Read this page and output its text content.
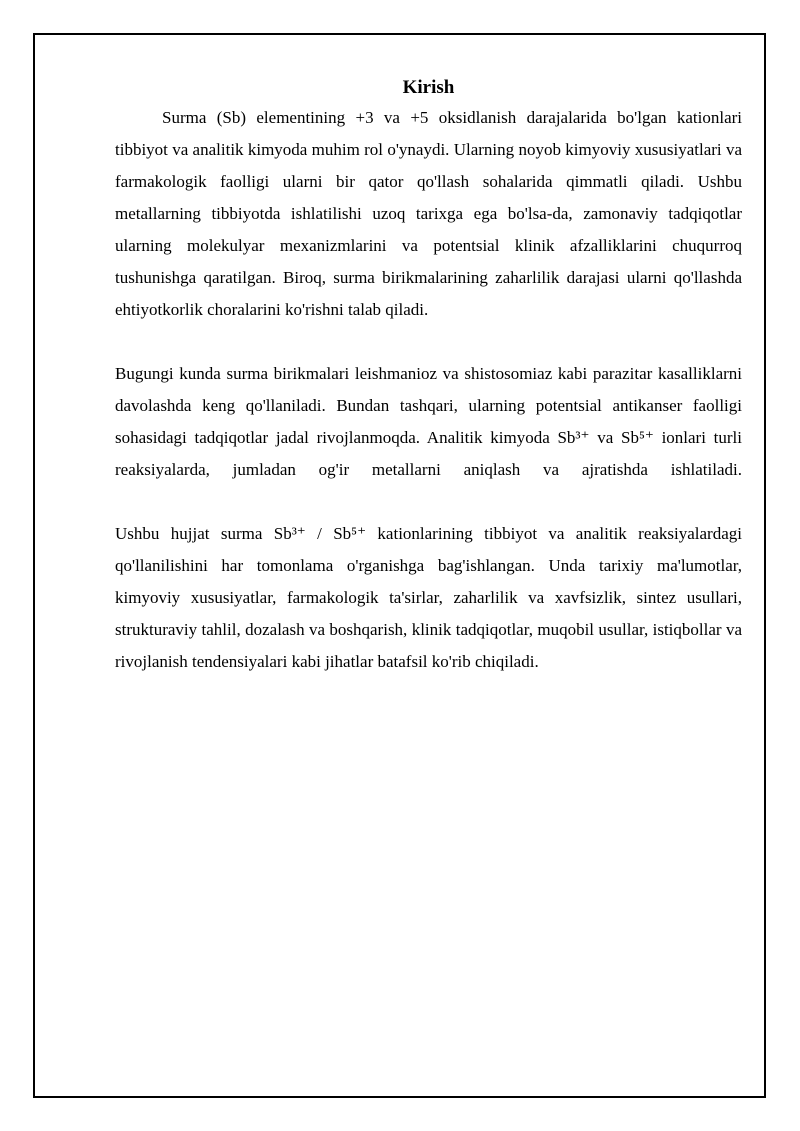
Kirish

Surma (Sb) elementining +3 va +5 oksidlanish darajalarida bo'lgan kationlari tibbiyot va analitik kimyoda muhim rol o'ynaydi. Ularning noyob kimyoviy xususiyatlari va farmakologik faolligi ularni bir qator qo'llash sohalarida qimmatli qiladi. Ushbu metallarning tibbiyotda ishlatilishi uzoq tarixga ega bo'lsa-da, zamonaviy tadqiqotlar ularning molekulyar mexanizmlarini va potentsial klinik afzalliklarini chuqurroq tushunishga qaratilgan. Biroq, surma birikmalarining zaharlilik darajasi ularni qo'llashda ehtiyotkorlik choralarini ko'rishni talab qiladi.

Bugungi kunda surma birikmalari leishmanioz va shistosomiaz kabi parazitar kasalliklarni davolashda keng qo'llaniladi. Bundan tashqari, ularning potentsial antikanser faolligi sohasidagi tadqiqotlar jadal rivojlanmoqda. Analitik kimyoda Sb³⁺ va Sb⁵⁺ ionlari turli reaksiyalarda, jumladan og'ir metallarni aniqlash va ajratishda ishlatiladi.

Ushbu hujjat surma Sb³⁺ / Sb⁵⁺ kationlarining tibbiyot va analitik reaksiyalardagi qo'llanilishini har tomonlama o'rganishga bag'ishlangan. Unda tarixiy ma'lumotlar, kimyoviy xususiyatlar, farmakologik ta'sirlar, zaharlilik va xavfsizlik, sintez usullari, strukturaviy tahlil, dozalash va boshqarish, klinik tadqiqotlar, muqobil usullar, istiqbollar va rivojlanish tendensiyalari kabi jihatlar batafsil ko'rib chiqiladi.
